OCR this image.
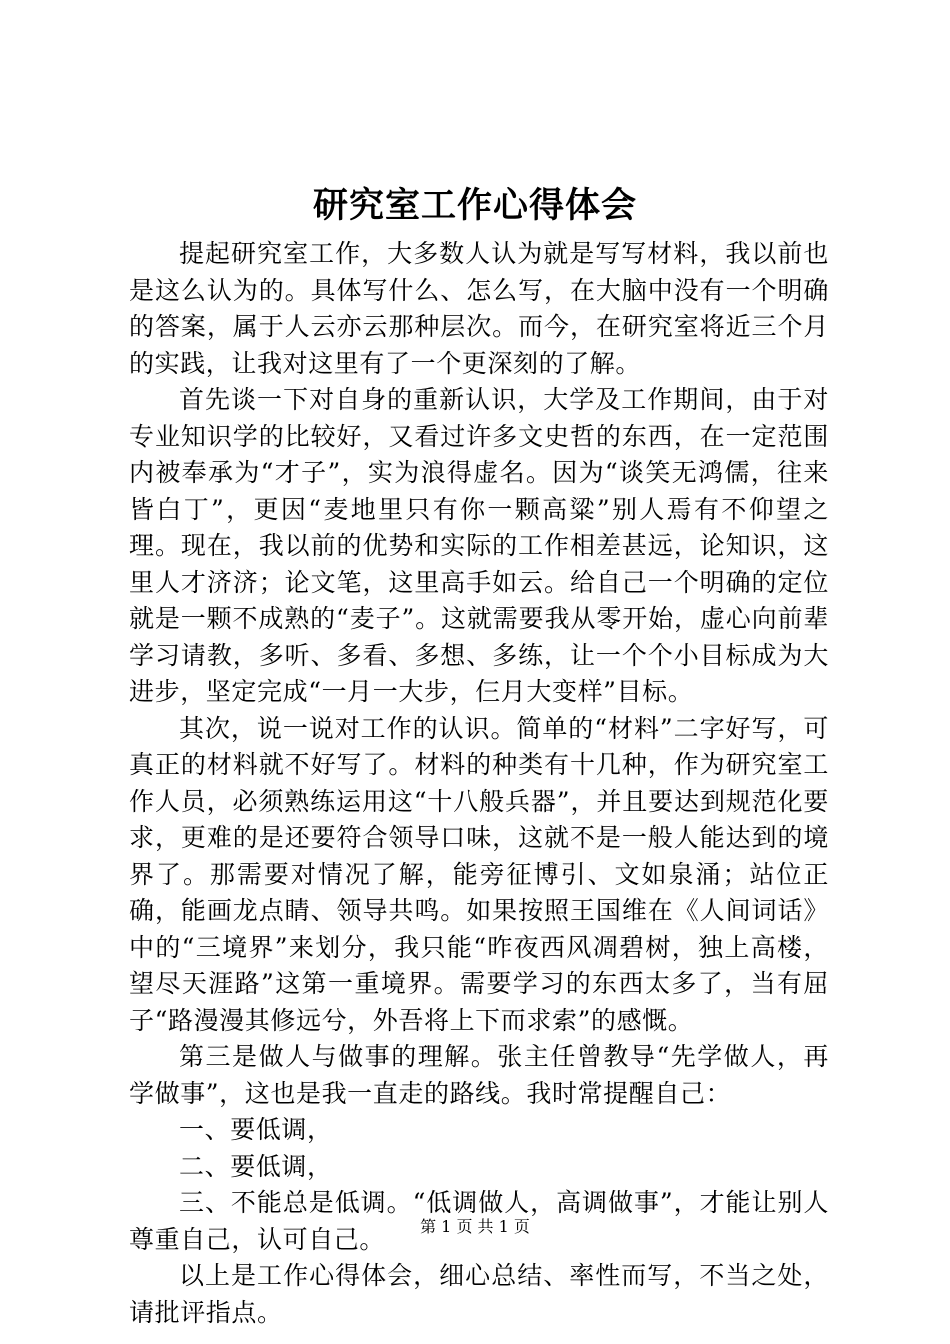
研究室工作心得体会

提起研究室工作，大多数人认为就是写写材料，我以前也是这么认为的。具体写什么、怎么写，在大脑中没有一个明确的答案，属于人云亦云那种层次。而今，在研究室将近三个月的实践，让我对这里有了一个更深刻的了解。

首先谈一下对自身的重新认识，大学及工作期间，由于对专业知识学的比较好，又看过许多文史哲的东西，在一定范围内被奉承为“才子”，实为浪得虚名。因为“谈笑无鸿儒，往来皆白丁”，更因“麦地里只有你一颗高粱”别人焉有不仰望之理。现在，我以前的优势和实际的工作相差甚远，论知识，这里人才济济；论文笔，这里高手如云。给自己一个明确的定位就是一颗不成熟的“麦子”。这就需要我从零开始，虚心向前辈学习请教，多听、多看、多想、多练，让一个个小目标成为大进步，坚定完成“一月一大步，仨月大变样”目标。

其次，说一说对工作的认识。简单的“材料”二字好写，可真正的材料就不好写了。材料的种类有十几种，作为研究室工作人员，必须熟练运用这“十八般兵器”，并且要达到规范化要求，更难的是还要符合领导口味，这就不是一般人能达到的境界了。那需要对情况了解，能旁征博引、文如泉涌；站位正确，能画龙点睛、领导共鸣。如果按照王国维在《人间词话》中的“三境界”来划分，我只能“昨夜西风凋碧树，独上高楼，望尽天涯路”这第一重境界。需要学习的东西太多了，当有屈子“路漫漫其修远兮，外吾将上下而求索”的感慨。

第三是做人与做事的理解。张主任曾教导“先学做人，再学做事”，这也是我一直走的路线。我时常提醒自己：

一、要低调，

二、要低调，

三、不能总是低调。“低调做人，高调做事”，才能让别人尊重自己，认可自己。

以上是工作心得体会，细心总结、率性而写，不当之处，请批评指点。

第 1 页 共 1 页
